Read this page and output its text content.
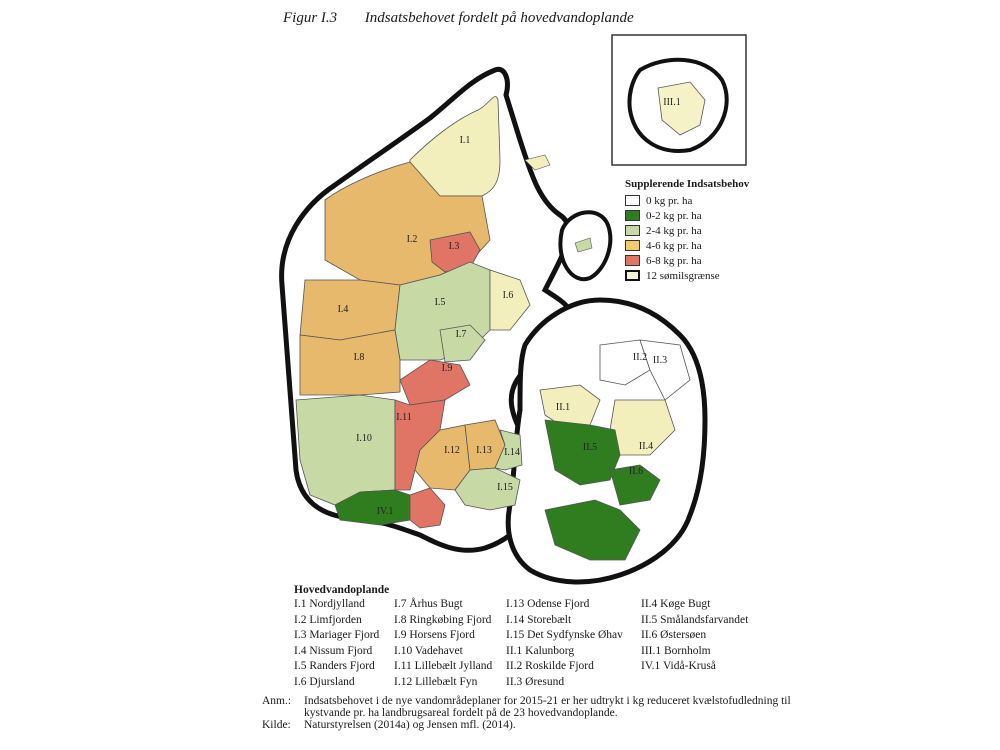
Figur I.3 Indsatsbehovet fordelt på hovedvandoplande
I.1
I.2
I.3
I.4
I.5
I.6
I.7
I.8
I.9
I.10
I.11
I.12 I.13 I.14
I.15
II.1
II.2 II.3
II.4
II.5
II.6
IV.1
III.1
Supplerende Indsatsbehov
0 kg pr. ha
0-2 kg pr. ha
2-4 kg pr. ha
4-6 kg pr. ha
6-8 kg pr. ha
12 sømilsgrænse
Hovedvandoplande
I.1 Nordjylland
I.2 Limfjorden
I.3 Mariager Fjord
I.4 Nissum Fjord
I.5 Randers Fjord
I.6 Djursland
I.7 Århus Bugt
I.8 Ringkøbing Fjord
I.9 Horsens Fjord
I.10 Vadehavet
I.11 Lillebælt Jylland
I.12 Lillebælt Fyn
I.13 Odense Fjord
I.14 Storebælt
I.15 Det Sydfynske Øhav
II.1 Kalunborg
II.2 Roskilde Fjord
II.3 Øresund
II.4 Køge Bugt
II.5 Smålandsfarvandet
II.6 Østersøen
III.1 Bornholm
IV.1 Vidå-Kruså
Anm.:	Indsatsbehovet i de nye vandområdeplaner for 2015-21 er her udtrykt i kg reduceret kvælstofudledning til kystvande pr. ha landbrugsareal fordelt på de 23 hovedvandoplande.
Kilde:	Naturstyrelsen (2014a) og Jensen mfl. (2014).
